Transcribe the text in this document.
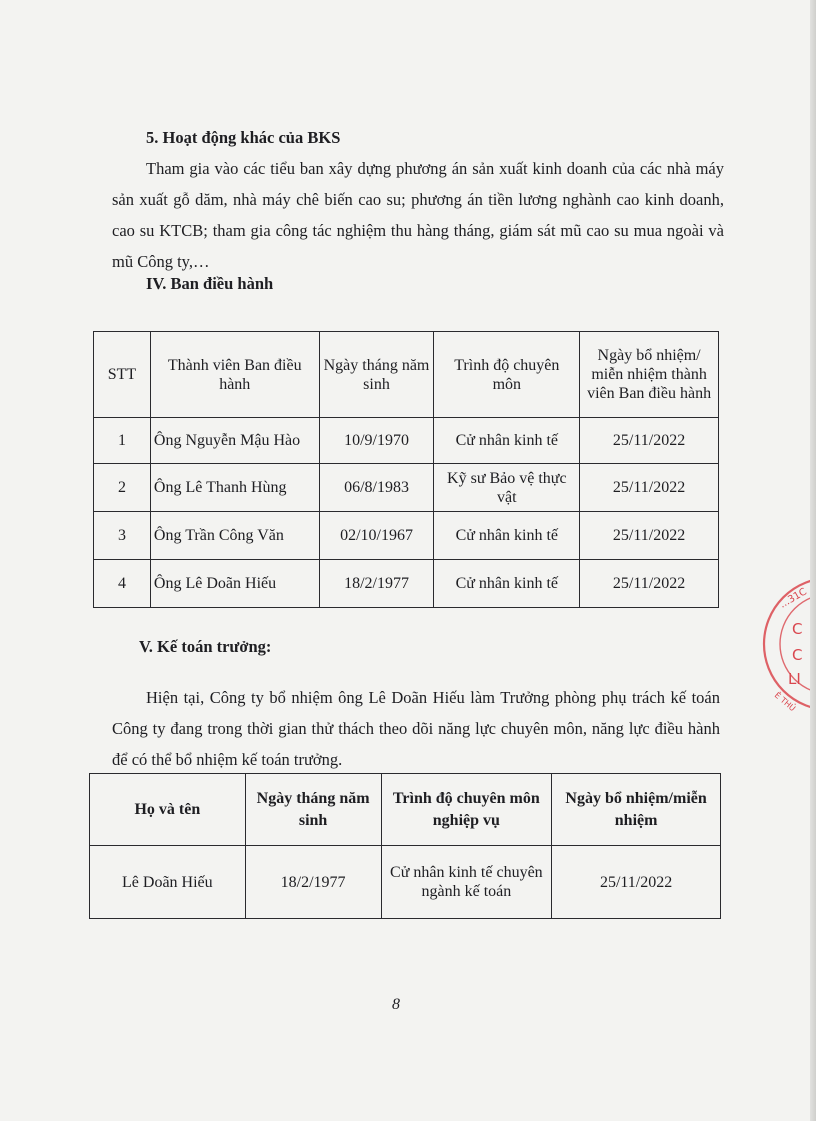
5. Hoạt động khác của BKS

Tham gia vào các tiểu ban xây dựng phương án sản xuất kinh doanh của các nhà máy sản xuất gỗ dăm, nhà máy chê biến cao su; phương án tiền lương nghành cao kinh doanh, cao su KTCB; tham gia công tác nghiệm thu hàng tháng, giám sát mũ cao su mua ngoài và mũ Công ty,…

IV. Ban điều hành
STT	Thành viên Ban điều hành	Ngày tháng năm sinh	Trình độ chuyên môn	Ngày bổ nhiệm/ miễn nhiệm thành viên Ban điều hành
1	Ông Nguyễn Mậu Hào	10/9/1970	Cử nhân kinh tế	25/11/2022
2	Ông Lê Thanh Hùng	06/8/1983	Kỹ sư Bảo vệ thực vật	25/11/2022
3	Ông Trần Công Văn	02/10/1967	Cử nhân kinh tế	25/11/2022
4	Ông Lê Doãn Hiếu	18/2/1977	Cử nhân kinh tế	25/11/2022
V. Kế toán trưởng:

Hiện tại, Công ty bổ nhiệm ông Lê Doãn Hiếu làm Trưởng phòng phụ trách kế toán Công ty đang trong thời gian thử thách theo dõi năng lực chuyên môn, năng lực điều hành để có thể bổ nhiệm kế toán trưởng.

Họ và tên	Ngày tháng năm sinh	Trình độ chuyên môn nghiệp vụ	Ngày bổ nhiệm/miễn nhiệm
Lê Doãn Hiếu	18/2/1977	Cử nhân kinh tế chuyên ngành kế toán	25/11/2022
8
...31C
C
C
LI
Ê THỦ
